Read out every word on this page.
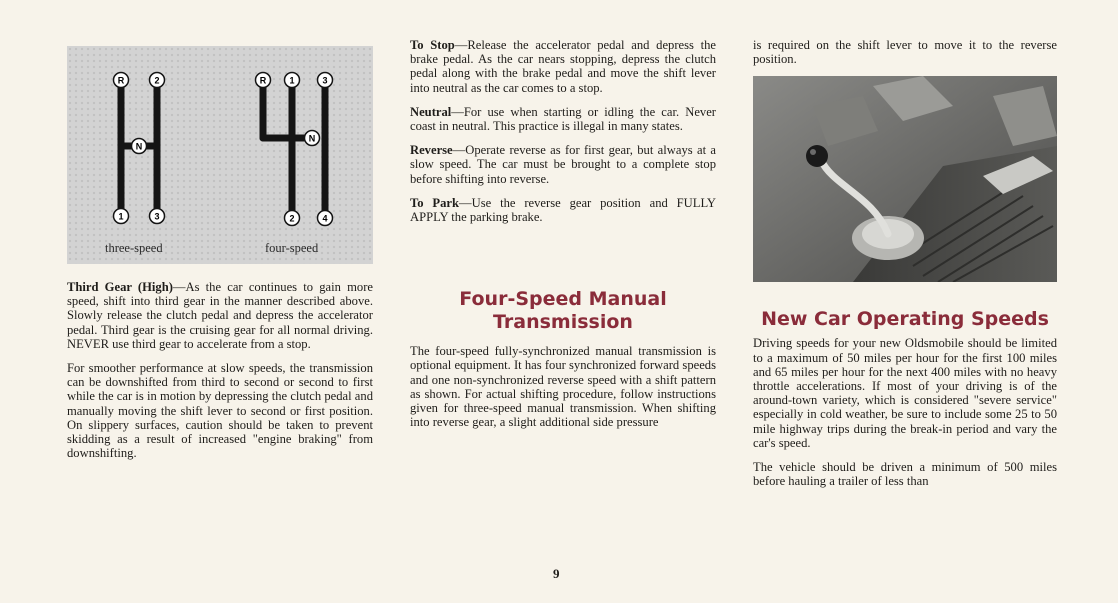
R	2
N
1	3
R	1	3
N
2	4
three-speed	four-speed

Third Gear (High)—As the car continues to gain more speed, shift into third gear in the manner described above. Slowly release the clutch pedal and depress the accelerator pedal. Third gear is the cruising gear for all normal driving. NEVER use third gear to accelerate from a stop.

For smoother performance at slow speeds, the transmission can be downshifted from third to second or second to first while the car is in motion by depressing the clutch pedal and manually moving the shift lever to second or first position. On slippery surfaces, caution should be taken to prevent skidding as a result of increased "engine braking" from downshifting.

To Stop—Release the accelerator pedal and depress the brake pedal. As the car nears stopping, depress the clutch pedal along with the brake pedal and move the shift lever into neutral as the car comes to a stop.

Neutral—For use when starting or idling the car. Never coast in neutral. This practice is illegal in many states.

Reverse—Operate reverse as for first gear, but always at a slow speed. The car must be brought to a complete stop before shifting into reverse.

To Park—Use the reverse gear position and FULLY APPLY the parking brake.

Four-Speed Manual
Transmission

The four-speed fully-synchronized manual transmission is optional equipment. It has four synchronized forward speeds and one non-synchronized reverse speed with a shift pattern as shown. For actual shifting procedure, follow instructions given for three-speed manual transmission. When shifting into reverse gear, a slight additional side pressure

is required on the shift lever to move it to the reverse position.

New Car Operating Speeds

Driving speeds for your new Oldsmobile should be limited to a maximum of 50 miles per hour for the first 100 miles and 65 miles per hour for the next 400 miles with no heavy throttle accelerations. If most of your driving is of the around-town variety, which is considered "severe service" especially in cold weather, be sure to include some 25 to 50 mile highway trips during the break-in period and vary the car's speed.

The vehicle should be driven a minimum of 500 miles before hauling a trailer of less than

9
